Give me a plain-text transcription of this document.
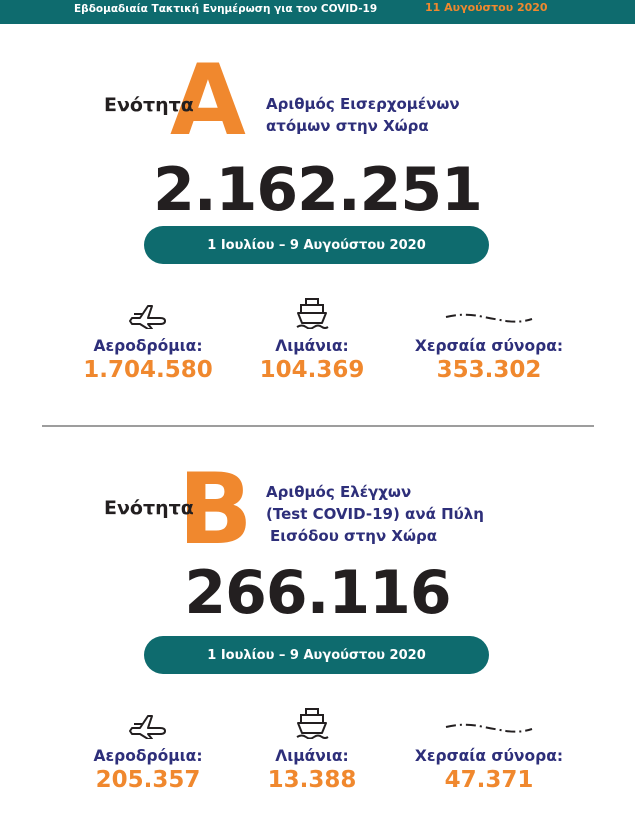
Εβδομαδιαία Τακτική Ενημέρωση για τον COVID-19	11 Αυγούστου 2020
A
Ενότητα	Αριθμός Εισερχομένων
ατόμων στην Χώρα
2.162.251
1 Ιουλίου – 9 Αυγούστου 2020
Αεροδρόμια:
1.704.580
Λιμάνια:
104.369
Χερσαία σύνορα:
353.302
B
Ενότητα
Αριθμός Ελέγχων
(Test COVID-19) ανά Πύλη
Εισόδου στην Χώρα
266.116
1 Ιουλίου – 9 Αυγούστου 2020
Αεροδρόμια:
205.357
Λιμάνια:
13.388
Χερσαία σύνορα:
47.371
